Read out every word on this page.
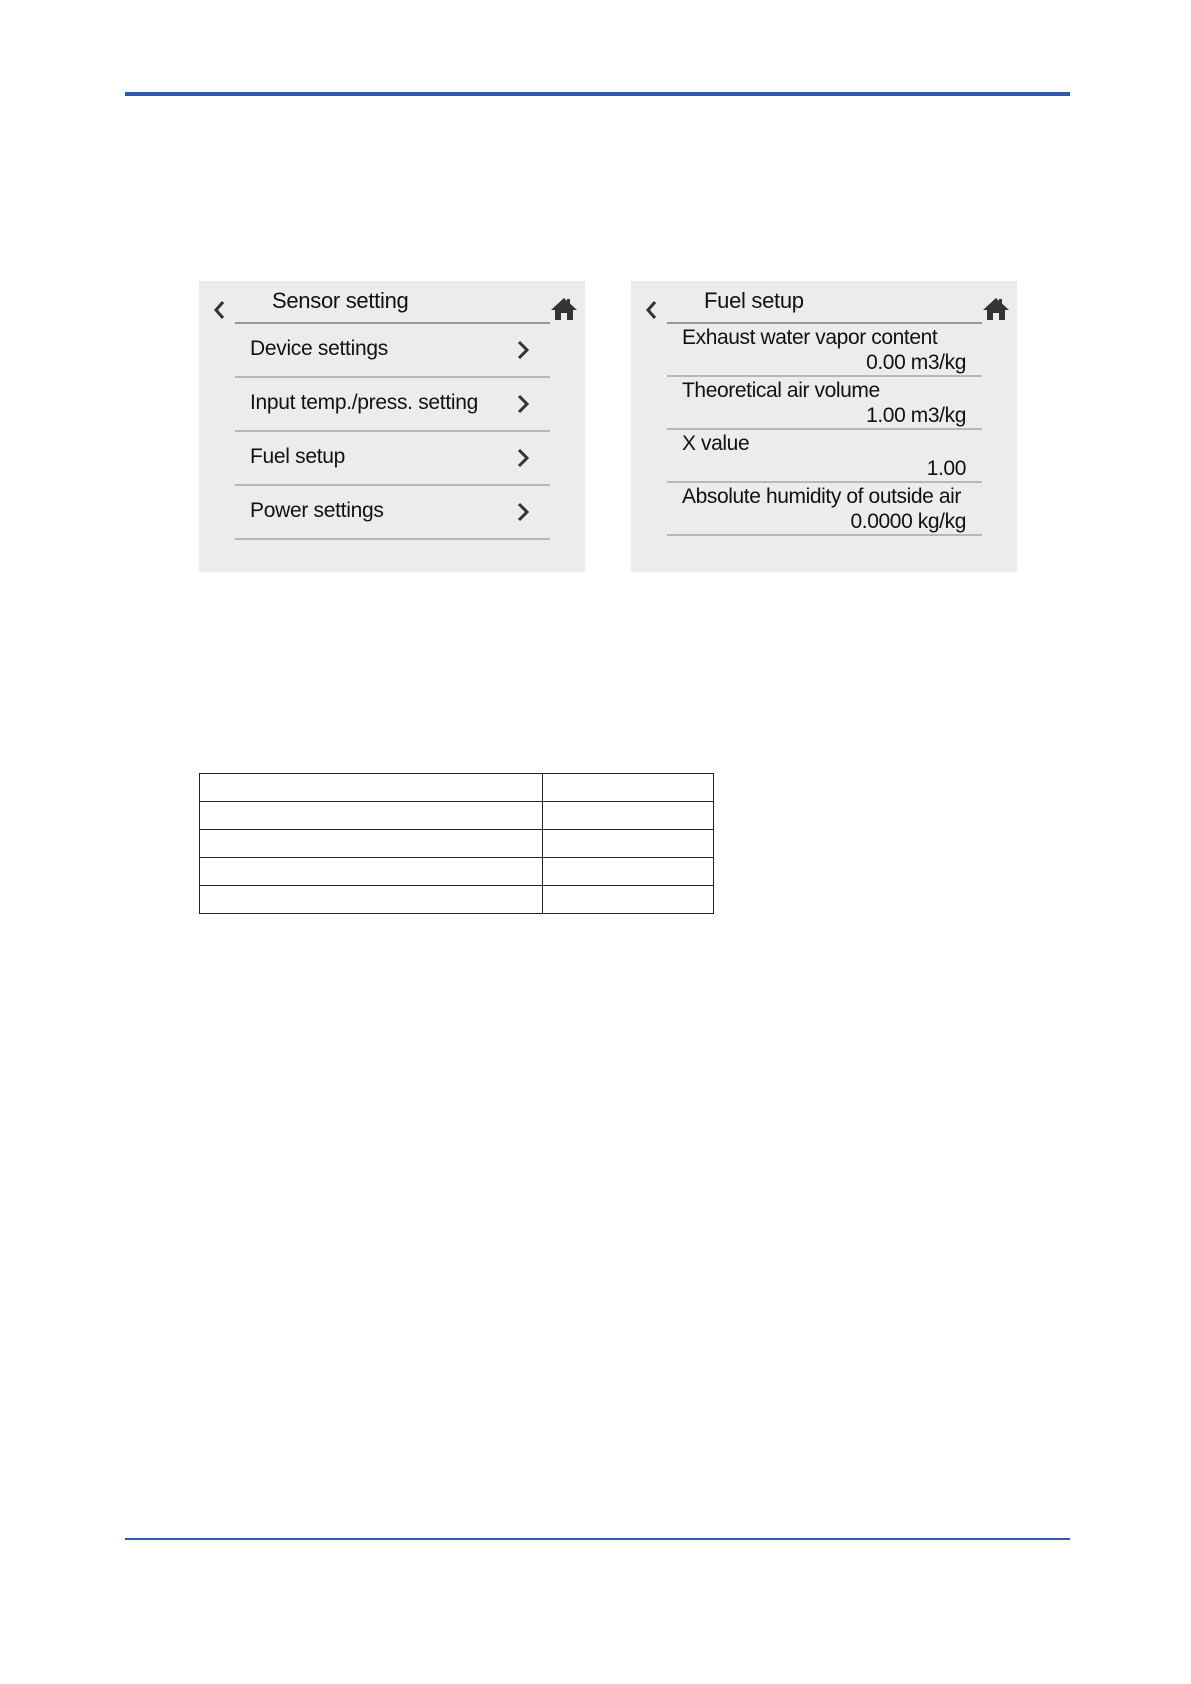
Sensor setting
Device settings
Input temp./press. setting
Fuel setup
Power settings
Fuel setup
Exhaust water vapor content
0.00 m3/kg
Theoretical air volume
1.00 m3/kg
X value
1.00
Absolute humidity of outside air
0.0000 kg/kg
